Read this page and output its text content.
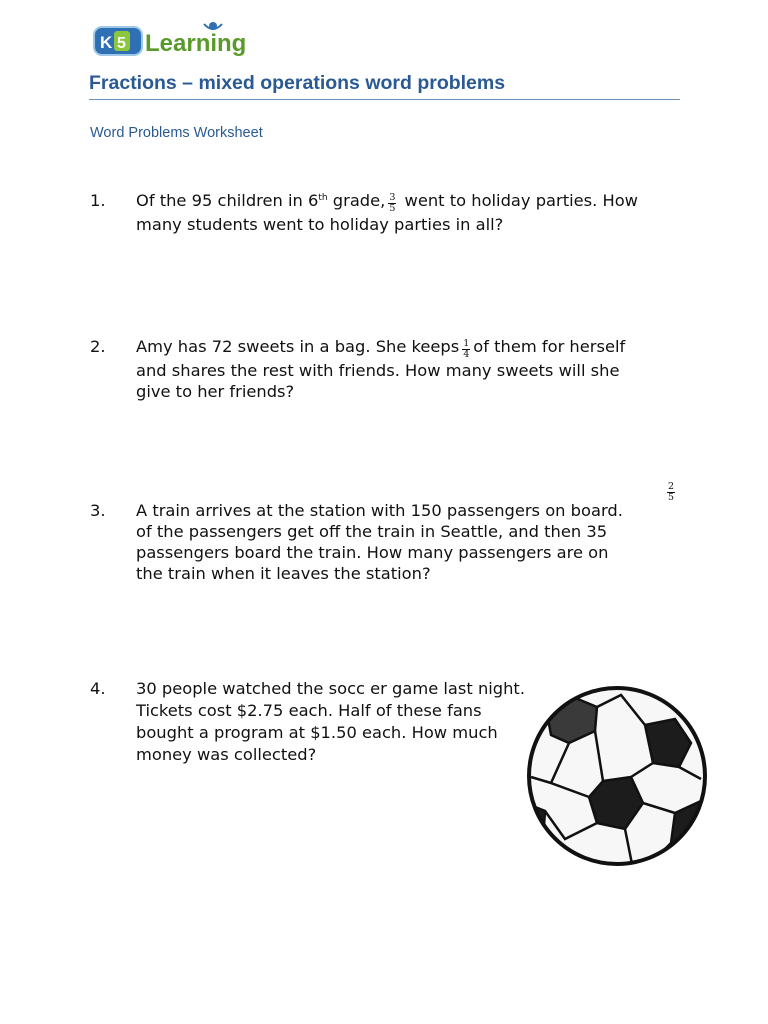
K 5 Learning
Fractions – mixed operations word problems
Word Problems Worksheet
1. Of the 95 children in 6th grade, $\frac{3}{5}$ went to holiday parties. How
many students went to holiday parties in all?
2. Amy has 72 sweets in a bag. She keeps $\frac{1}{4}$ of them for herself
and shares the rest with friends. How many sweets will she
give to her friends?
3.
2
5
A train arrives at the station with 150 passengers on board.
of the passengers get off the train in Seattle, and then 35
passengers board the train. How many passengers are on
the train when it leaves the station?
4. 30 people watched the socc er game last night.
Tickets cost $2.75 each. Half of these fans
bought a program at $1.50 each. How much
money was collected?
